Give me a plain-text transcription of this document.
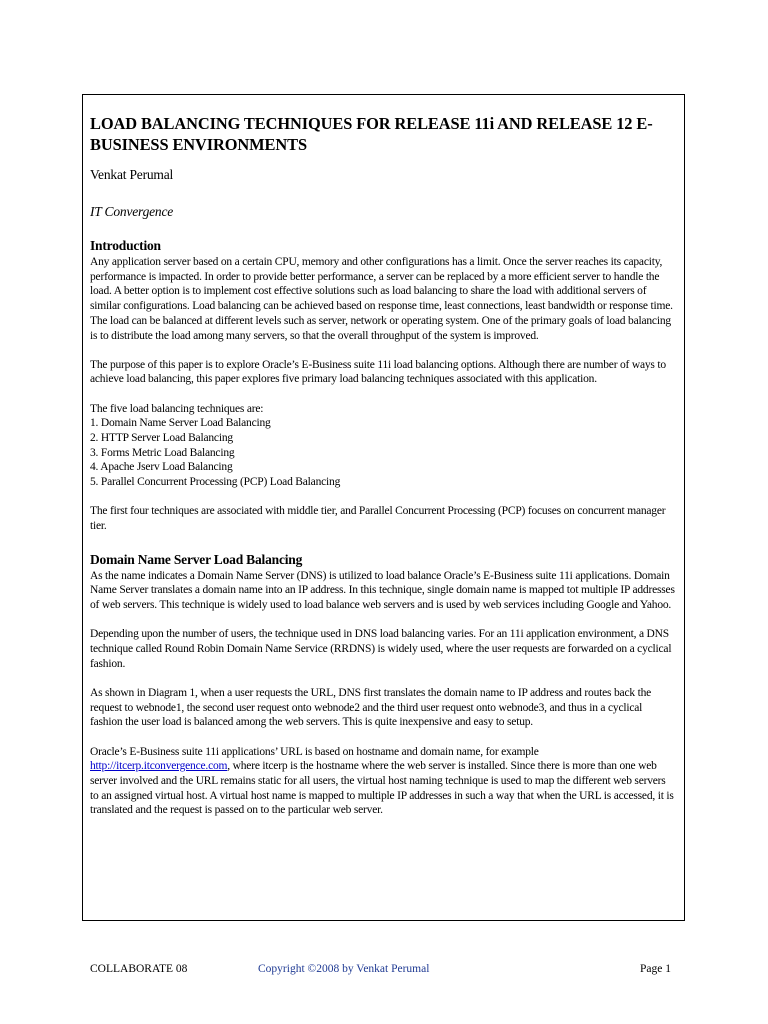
LOAD BALANCING TECHNIQUES FOR RELEASE 11i AND RELEASE 12 E-BUSINESS ENVIRONMENTS
Venkat Perumal
IT Convergence
Introduction

Any application server based on a certain CPU, memory and other configurations has a limit. Once the server reaches its capacity, performance is impacted. In order to provide better performance, a server can be replaced by a more efficient server to handle the load. A better option is to implement cost effective solutions such as load balancing to share the load with additional servers of similar configurations. Load balancing can be achieved based on response time, least connections, least bandwidth or response time. The load can be balanced at different levels such as server, network or operating system. One of the primary goals of load balancing is to distribute the load among many servers, so that the overall throughput of the system is improved.

The purpose of this paper is to explore Oracle’s E-Business suite 11i load balancing options. Although there are number of ways to achieve load balancing, this paper explores five primary load balancing techniques associated with this application.

The five load balancing techniques are:

1. Domain Name Server Load Balancing
2. HTTP Server Load Balancing
3. Forms Metric Load Balancing
4. Apache Jserv Load Balancing
5. Parallel Concurrent Processing (PCP) Load Balancing

The first four techniques are associated with middle tier, and Parallel Concurrent Processing (PCP) focuses on concurrent manager tier.

Domain Name Server Load Balancing

As the name indicates a Domain Name Server (DNS) is utilized to load balance Oracle’s E-Business suite 11i applications. Domain Name Server translates a domain name into an IP address. In this technique, single domain name is mapped tot multiple IP addresses of web servers. This technique is widely used to load balance web servers and is used by web services including Google and Yahoo.

Depending upon the number of users, the technique used in DNS load balancing varies. For an 11i application environment, a DNS technique called Round Robin Domain Name Service (RRDNS) is widely used, where the user requests are forwarded on a cyclical fashion.

As shown in Diagram 1, when a user requests the URL, DNS first translates the domain name to IP address and routes back the request to webnode1, the second user request onto webnode2 and the third user request onto webnode3, and thus in a cyclical fashion the user load is balanced among the web servers. This is quite inexpensive and easy to setup.

Oracle’s E-Business suite 11i applications’ URL is based on hostname and domain name, for example http://itcerp.itconvergence.com, where itcerp is the hostname where the web server is installed. Since there is more than one web server involved and the URL remains static for all users, the virtual host naming technique is used to map the different web servers to an assigned virtual host. A virtual host name is mapped to multiple IP addresses in such a way that when the URL is accessed, it is translated and the request is passed on to the particular web server.

COLLABORATE 08	Copyright ©2008 by Venkat Perumal	Page 1
